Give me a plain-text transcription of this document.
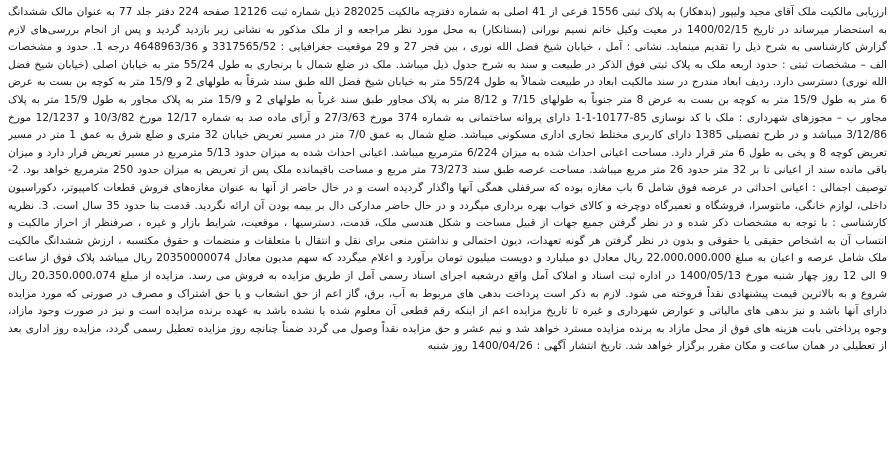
ارزیابی مالکیت ملک آقای مجید ولیپور (بدهکار) به پلاک ثبتی 1556 فرعی از 41 اصلی به شماره دفترچه مالکیت 282025 ذیل شماره ثبت 12126 صفحه 224 دفتر جلد 77 به عنوان مالک ششدانگ به استحضار میرساند در تاریخ 1400/02/15 در معیت وکیل خانم نسیم نورانی (بستانکار) به محل مورد نظر مراجعه و از ملک مذکور به نشانی زیر بازدید گردید و پس از انجام بررسی‌های لازم گزارش کارشناسی به شرح ذیل را تقدیم مینماید. نشانی : آمل ، خیابان شیخ فضل الله نوری ، بین فجر 27 و 29 موقعیت جغرافیایی : 3317565/52 و 4648963/36 درجه 1. حدود و مشخصات الف – مشخصات ثبتی : حدود اربعه ملک به پلاک ثبتی فوق الذکر در طبیعت و سند به شرح جدول ذیل میباشد. ملک در ضلع شمال با برنجاری به طول 55/24 متر به خیابان اصلی (خیابان شیخ فضل الله نوری) دسترسی دارد. ردیف ابعاد مندرج در سند مالکیت ابعاد در طبیعت شمالاً به طول 55/24 متر به خیابان شیخ فضل الله طبق سند شرقاً به طولهای 2 و 15/9 متر به کوچه بن بست به عرض 6 متر به طول 15/9 متر به کوچه بن بست به عرض 8 متر جنوباً به طولهای 7/15 و 8/12 متر به پلاک مجاور طبق سند غرباً به طولهای 2 و 15/9 متر به پلاک مجاور به طول 15/9 متر به پلاک مجاور ب – مجوزهای شهرداری : ملک با کد نوسازی 85-10177-1-1 دارای پروانه ساختمانی به شماره 374 مورخ 27/3/63 و آرای ماده صد به شماره 12/17 مورخ 10/3/82 و 12/1237 مورخ 3/12/86 میباشد و در طرح تفصیلی 1385 دارای کاربری مختلط تجاری اداری مسکونی میباشد. ضلع شمال به عمق 7/0 متر در مسیر تعریض خیابان 32 متری و ضلع شرق به عمق 1 متر در مسیر تعریض کوچه 8 و پخی به طول 6 متر قرار دارد. مساحت اعیانی احداث شده به میزان 6/224 مترمربع میباشد. اعیانی احداث شده به میزان حدود 5/13 مترمربع در مسیر تعریض قرار دارد و میزان باقی مانده سند از اعیانی تا بر 32 متر حدود 26 متر مربع میباشد. مساحت عرصه طبق سند 73/273 متر مربع و مساحت باقیمانده ملک پس از تعریض به میزان حدود 250 مترمربع خواهد بود. 2- توصیف اجمالی : اعیانی احداثی در عرصه فوق شامل 6 باب مغازه بوده که سرقفلی همگی آنها واگذار گردیده است و در حال حاضر از آنها به عنوان مغازه‌های فروش قطعات کامپیوتر، دکوراسیون داخلی، لوازم خانگی، مانتوسرا، فروشگاه و تعمیرگاه دوچرخه و کالای خواب بهره برداری میگردد و در حال حاضر مدارکی دال بر بیمه بودن آن ارائه نگردید. قدمت بنا حدود 35 سال است. 3. نظریه کارشناسی : با توجه به مشخصات ذکر شده و در نظر گرفتن جمیع جهات از قبیل مساحت و شکل هندسی ملک، قدمت، دسترسیها ، موقعیت، شرایط بازار و غیره ، صرفنظر از احراز مالکیت و انتساب آن به اشخاص حقیقی یا حقوقی و بدون در نظر گرفتن هر گونه تعهدات، دیون احتمالی و نداشتن منعی برای نقل و انتقال با متعلقات و منضمات و حقوق مکتسبه ، ارزش ششدانگ مالکیت ملک شامل عرصه و اعیان به مبلغ 22،000،000،000 ریال معادل دو میلیارد و دویست میلیون تومان برآورد و اعلام میگردد که سهم مدیون معادل 20350000074 ریال میباشد پلاک فوق از ساعت 9 الی 12 روز چهار شنبه مورخ 1400/05/13 در اداره ثبت اسناد و املاک آمل واقع درشعبه اجرای اسناد رسمی آمل از طریق مزایده به فروش می رسد. مزایده از مبلغ 20،350،000،074 ریال شروع و به بالاترین قیمت پیشنهادی نقداً فروخته می شود. لازم به ذکر است پرداخت بدهی های مربوط به آب، برق، گاز اعم از حق انشعاب و یا حق اشتراک و مصرف در صورتی که مورد مزایده دارای آنها باشد و نیز بدهی های مالیاتی و عوارض شهرداری و غیره تا تاریخ مزایده اعم از اینکه رقم قطعی آن معلوم شده یا نشده باشد به عهده برنده مزایده است و نیز در صورت وجود مازاد، وجوه پرداختی بابت هزینه های فوق از محل مازاد به برنده مزایده مسترد خواهد شد و نیم عشر و حق مزایده نقداً وصول می گردد ضمناً چنانچه روز مزایده تعطیل رسمی گردد، مزایده روز اداری بعد از تعطیلی در همان ساعت و مکان مقرر برگزار خواهد شد. تاریخ انتشار آگهی : 1400/04/26 روز شنبه
